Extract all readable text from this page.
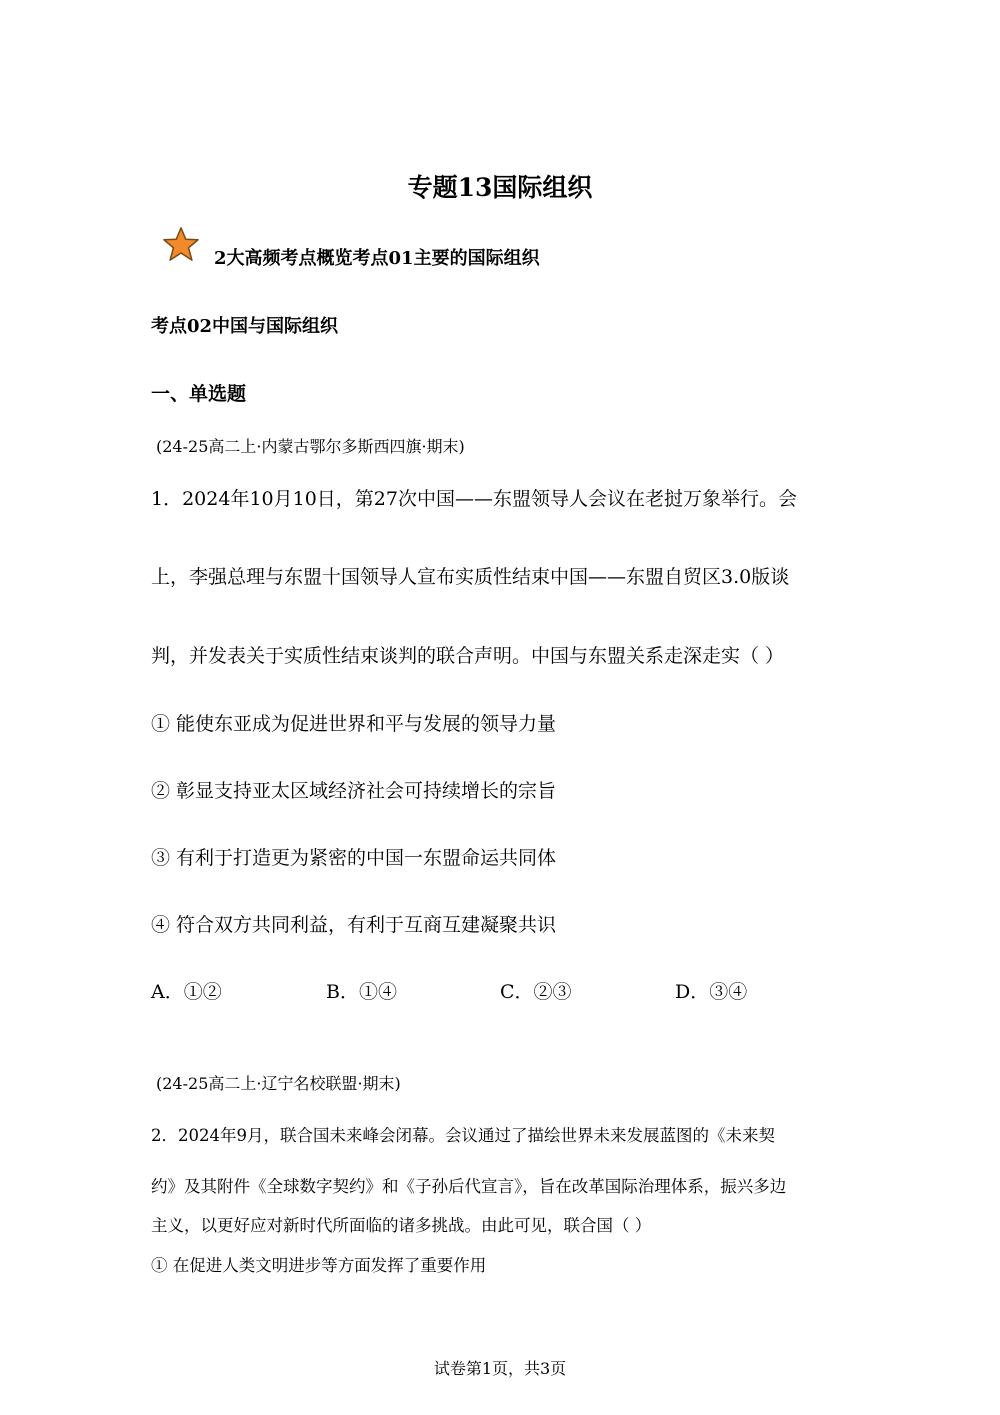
专题13国际组织
2大高频考点概览考点01主要的国际组织
考点02中国与国际组织
一、单选题
(24-25高二上·内蒙古鄂尔多斯西四旗·期末)
1．2024年10月10日，第27次中国——东盟领导人会议在老挝万象举行。会
上，李强总理与东盟十国领导人宣布实质性结束中国——东盟自贸区3.0版谈
判，并发表关于实质性结束谈判的联合声明。中国与东盟关系走深走实（ ）
① 能使东亚成为促进世界和平与发展的领导力量
② 彰显支持亚太区域经济社会可持续增长的宗旨
③ 有利于打造更为紧密的中国一东盟命运共同体
④ 符合双方共同利益，有利于互商互建凝聚共识
A．①②	B．①④	C．②③	D．③④
(24-25高二上·辽宁名校联盟·期末)
2．2024年9月，联合国未来峰会闭幕。会议通过了描绘世界未来发展蓝图的《未来契
约》及其附件《全球数字契约》和《子孙后代宣言》，旨在改革国际治理体系，振兴多边
主义，以更好应对新时代所面临的诸多挑战。由此可见，联合国（ ）
① 在促进人类文明进步等方面发挥了重要作用
试卷第1页，共3页
